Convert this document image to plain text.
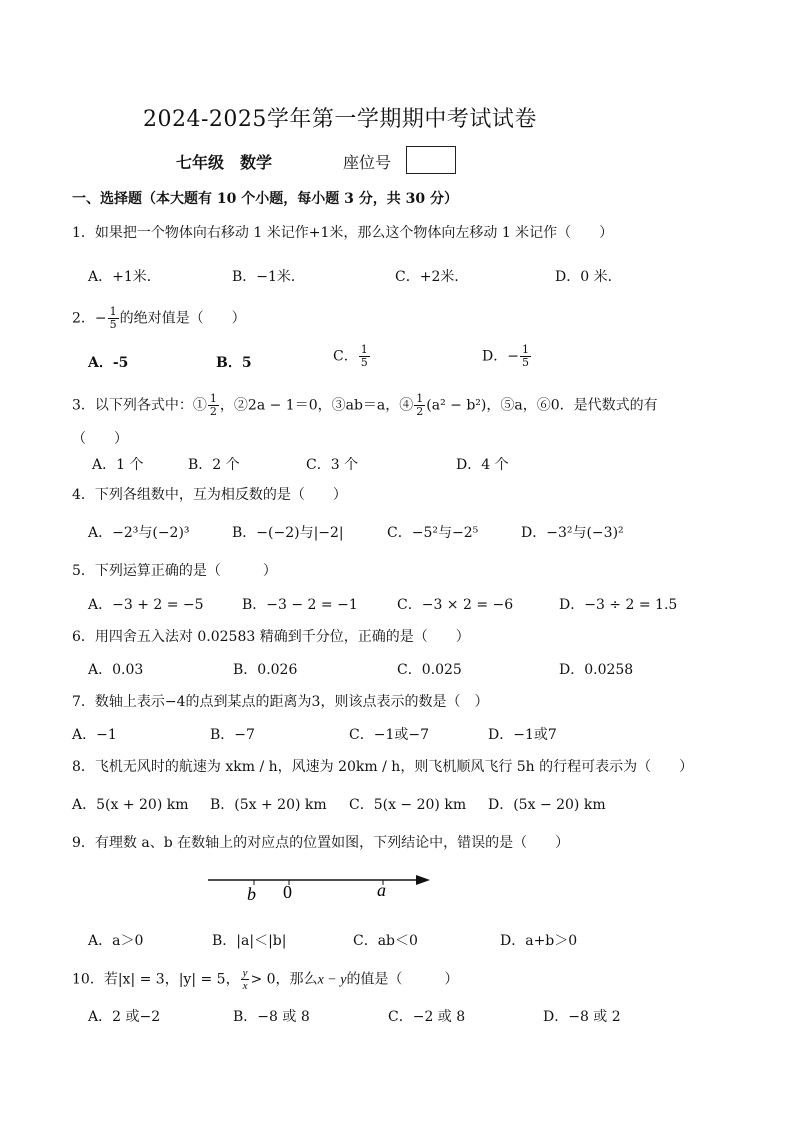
2024-2025学年第一学期期中考试试卷
七年级　数学	座位号
一、选择题（本大题有 10 个小题，每小题 3 分，共 30 分）
1．如果把一个物体向右移动 1 米记作+1米，那么这个物体向左移动 1 米记作（　　）
A．+1米．	B．−1米．	C．+2米．	D．0 米．
2．− $\frac{1}{5}$ 的绝对值是（　　）
A．-5	B．5	C． $\frac{1}{5}$	D．− $\frac{1}{5}$
3．以下列各式中：① $\frac{1}{2}$ ，②2a − 1＝0，③ab＝a，④ $\frac{1}{2} (a^2 - b^2)$，⑤a，⑥0．是代数式的有
（　　）
A．1 个	B．2 个	C．3 个	D．4 个
4．下列各组数中，互为相反数的是（　　）
A．−2³与(−2)³	B．−(−2)与|−2|	C．−5²与−2⁵	D．−3²与(−3)²
5．下列运算正确的是（　　　）
A．−3 + 2 = −5	B．−3 − 2 = −1	C．−3 × 2 = −6	D．−3 ÷ 2 = 1.5
6．用四舍五入法对 0.02583 精确到千分位，正确的是（　　）
A．0.03	B．0.026	C．0.025	D．0.0258
7．数轴上表示−4的点到某点的距离为3，则该点表示的数是（　）
A．−1	B．−7	C．−1或−7	D．−1或7
8．飞机无风时的航速为 xkm / h，风速为 20km / h，则飞机顺风飞行 5h 的行程可表示为（　　）
A．5(x + 20) km B．(5x + 20) km C．5(x − 20) km D．(5x − 20) km
9．有理数 a、b 在数轴上的对应点的位置如图，下列结论中，错误的是（　　）
b 0	a
A．a＞0	B．|a|＜|b|	C．ab＜0	D．a+b＞0
10．若|x| = 3，|y| = 5， $\frac{y}{x} > 0$，那么x − y的值是（　　　）
A．2 或−2	B．−8 或 8	C．−2 或 8	D．−8 或 2
